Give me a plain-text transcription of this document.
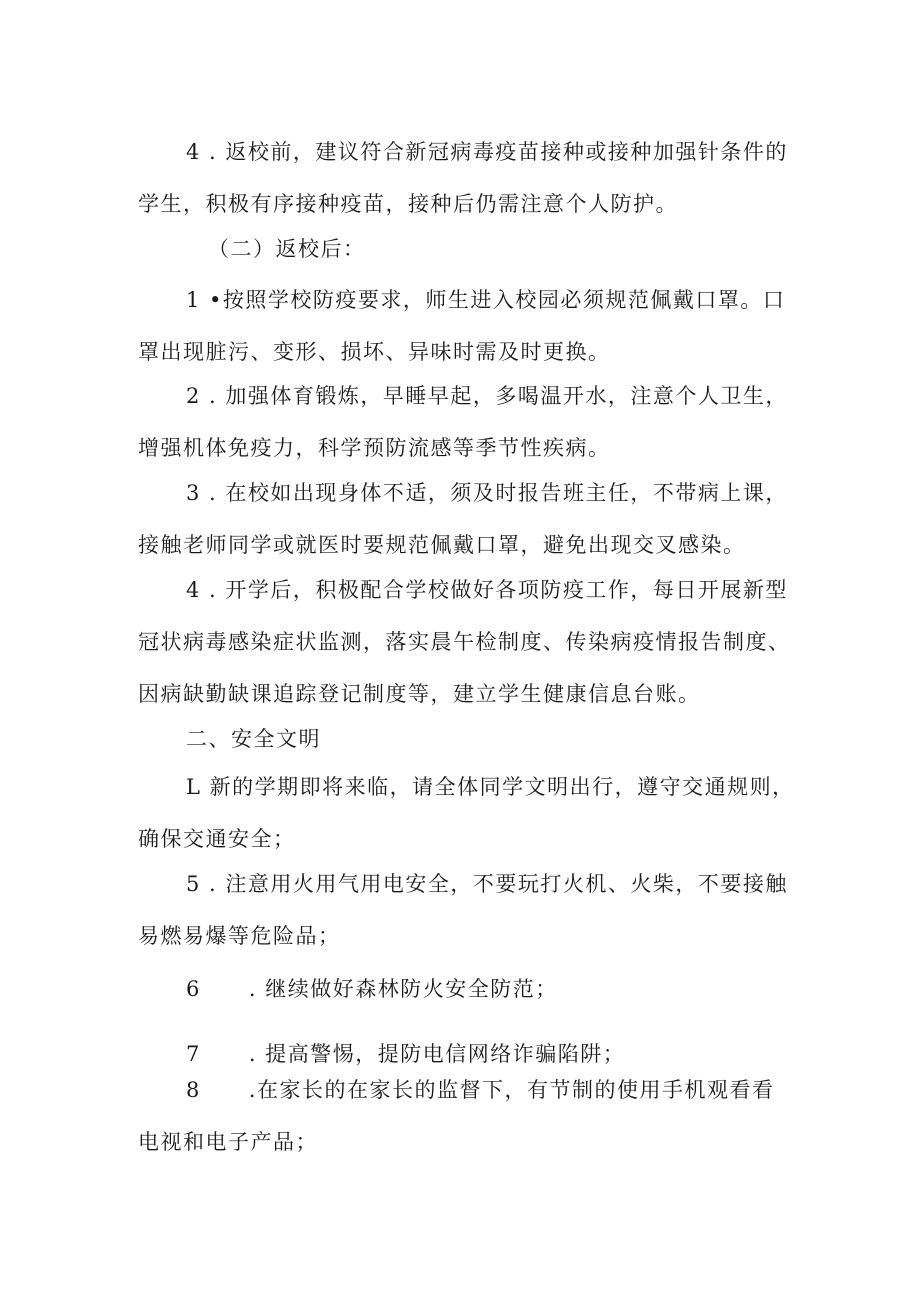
4 . 返校前，建议符合新冠病毒疫苗接种或接种加强针条件的
学生，积极有序接种疫苗，接种后仍需注意个人防护。

（二）返校后：

1 •按照学校防疫要求，师生进入校园必须规范佩戴口罩。口
罩出现脏污、变形、损坏、异味时需及时更换。

2 . 加强体育锻炼，早睡早起，多喝温开水，注意个人卫生，
增强机体免疫力，科学预防流感等季节性疾病。

3 . 在校如出现身体不适，须及时报告班主任，不带病上课，
接触老师同学或就医时要规范佩戴口罩，避免出现交叉感染。

4 . 开学后，积极配合学校做好各项防疫工作，每日开展新型
冠状病毒感染症状监测，落实晨午检制度、传染病疫情报告制度、
因病缺勤缺课追踪登记制度等，建立学生健康信息台账。

二、安全文明

L 新的学期即将来临，请全体同学文明出行，遵守交通规则，
确保交通安全；

5 . 注意用火用气用电安全，不要玩打火机、火柴，不要接触
易燃易爆等危险品；

6 . 继续做好森林防火安全防范；

7 . 提高警惕，提防电信网络诈骗陷阱；

8 .在家长的在家长的监督下，有节制的使用手机观看看
电视和电子产品；
